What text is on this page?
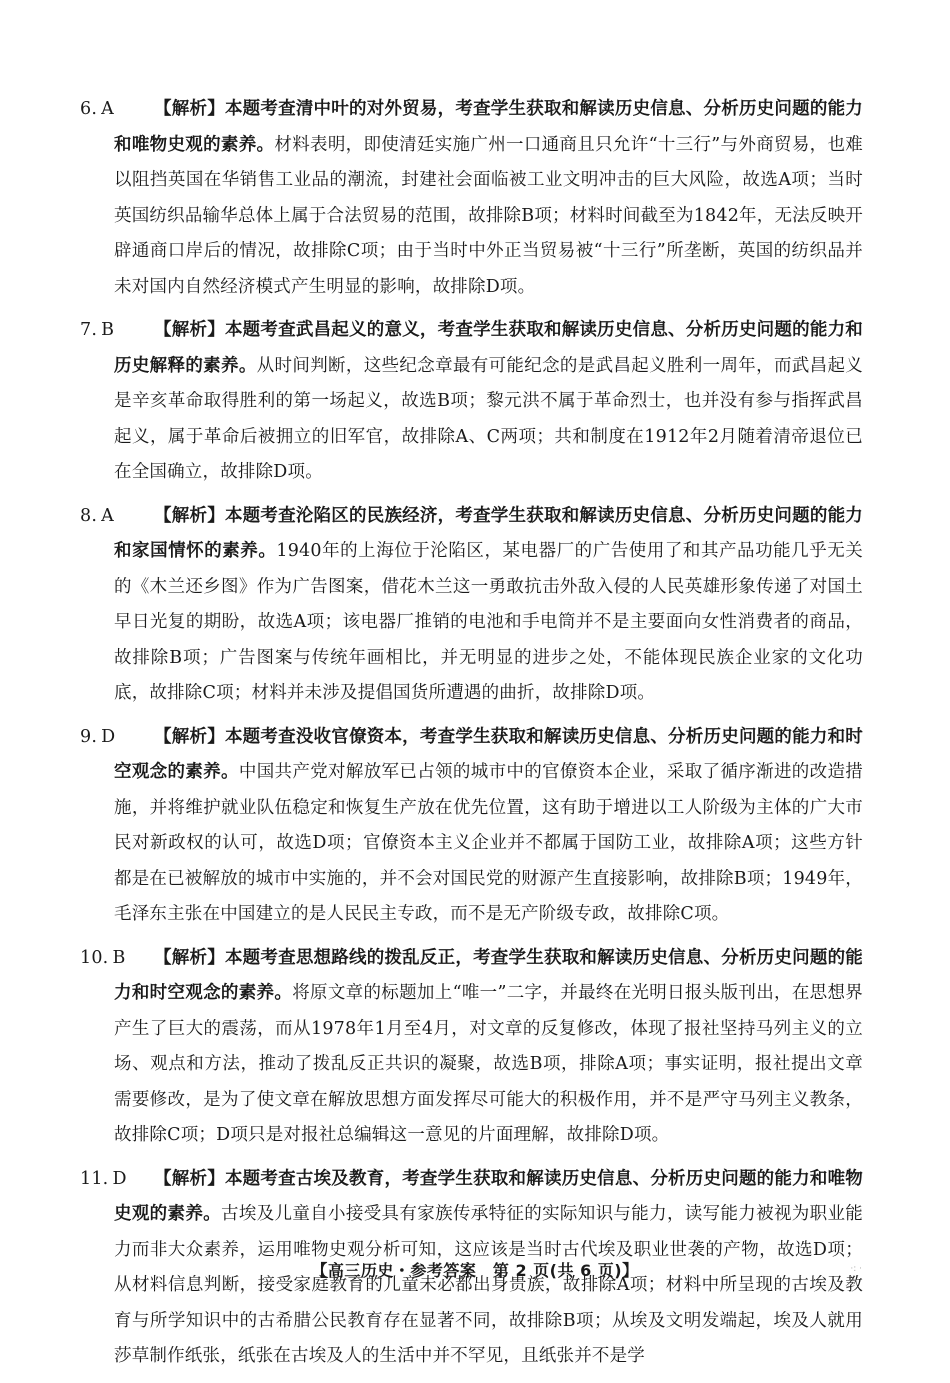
6. A 【解析】本题考查清中叶的对外贸易，考查学生获取和解读历史信息、分析历史问题的能力和唯物史观的素养。材料表明，即使清廷实施广州一口通商且只允许“十三行”与外商贸易，也难以阻挡英国在华销售工业品的潮流，封建社会面临被工业文明冲击的巨大风险，故选A项；当时英国纺织品输华总体上属于合法贸易的范围，故排除B项；材料时间截至为1842年，无法反映开辟通商口岸后的情况，故排除C项；由于当时中外正当贸易被“十三行”所垄断，英国的纺织品并未对国内自然经济模式产生明显的影响，故排除D项。
7. B 【解析】本题考查武昌起义的意义，考查学生获取和解读历史信息、分析历史问题的能力和历史解释的素养。从时间判断，这些纪念章最有可能纪念的是武昌起义胜利一周年，而武昌起义是辛亥革命取得胜利的第一场起义，故选B项；黎元洪不属于革命烈士，也并没有参与指挥武昌起义，属于革命后被拥立的旧军官，故排除A、C两项；共和制度在1912年2月随着清帝退位已在全国确立，故排除D项。
8. A 【解析】本题考查沦陷区的民族经济，考查学生获取和解读历史信息、分析历史问题的能力和家国情怀的素养。1940年的上海位于沦陷区，某电器厂的广告使用了和其产品功能几乎无关的《木兰还乡图》作为广告图案，借花木兰这一勇敢抗击外敌入侵的人民英雄形象传递了对国土早日光复的期盼，故选A项；该电器厂推销的电池和手电筒并不是主要面向女性消费者的商品，故排除B项；广告图案与传统年画相比，并无明显的进步之处，不能体现民族企业家的文化功底，故排除C项；材料并未涉及提倡国货所遭遇的曲折，故排除D项。
9. D 【解析】本题考查没收官僚资本，考查学生获取和解读历史信息、分析历史问题的能力和时空观念的素养。中国共产党对解放军已占领的城市中的官僚资本企业，采取了循序渐进的改造措施，并将维护就业队伍稳定和恢复生产放在优先位置，这有助于增进以工人阶级为主体的广大市民对新政权的认可，故选D项；官僚资本主义企业并不都属于国防工业，故排除A项；这些方针都是在已被解放的城市中实施的，并不会对国民党的财源产生直接影响，故排除B项；1949年，毛泽东主张在中国建立的是人民民主专政，而不是无产阶级专政，故排除C项。
10. B 【解析】本题考查思想路线的拨乱反正，考查学生获取和解读历史信息、分析历史问题的能力和时空观念的素养。将原文章的标题加上“唯一”二字，并最终在光明日报头版刊出，在思想界产生了巨大的震荡，而从1978年1月至4月，对文章的反复修改，体现了报社坚持马列主义的立场、观点和方法，推动了拨乱反正共识的凝聚，故选B项，排除A项；事实证明，报社提出文章需要修改，是为了使文章在解放思想方面发挥尽可能大的积极作用，并不是严守马列主义教条，故排除C项；D项只是对报社总编辑这一意见的片面理解，故排除D项。
11. D 【解析】本题考查古埃及教育，考查学生获取和解读历史信息、分析历史问题的能力和唯物史观的素养。古埃及儿童自小接受具有家族传承特征的实际知识与能力，读写能力被视为职业能力而非大众素养，运用唯物史观分析可知，这应该是当时古代埃及职业世袭的产物，故选D项；从材料信息判断，接受家庭教育的儿童未必都出身贵族，故排除A项；材料中所呈现的古埃及教育与所学知识中的古希腊公民教育存在显著不同，故排除B项；从埃及文明发端起，埃及人就用莎草制作纸张，纸张在古埃及人的生活中并不罕见，且纸张并不是学
【高三历史・参考答案　第 2 页(共 6 页)】	·: ·
